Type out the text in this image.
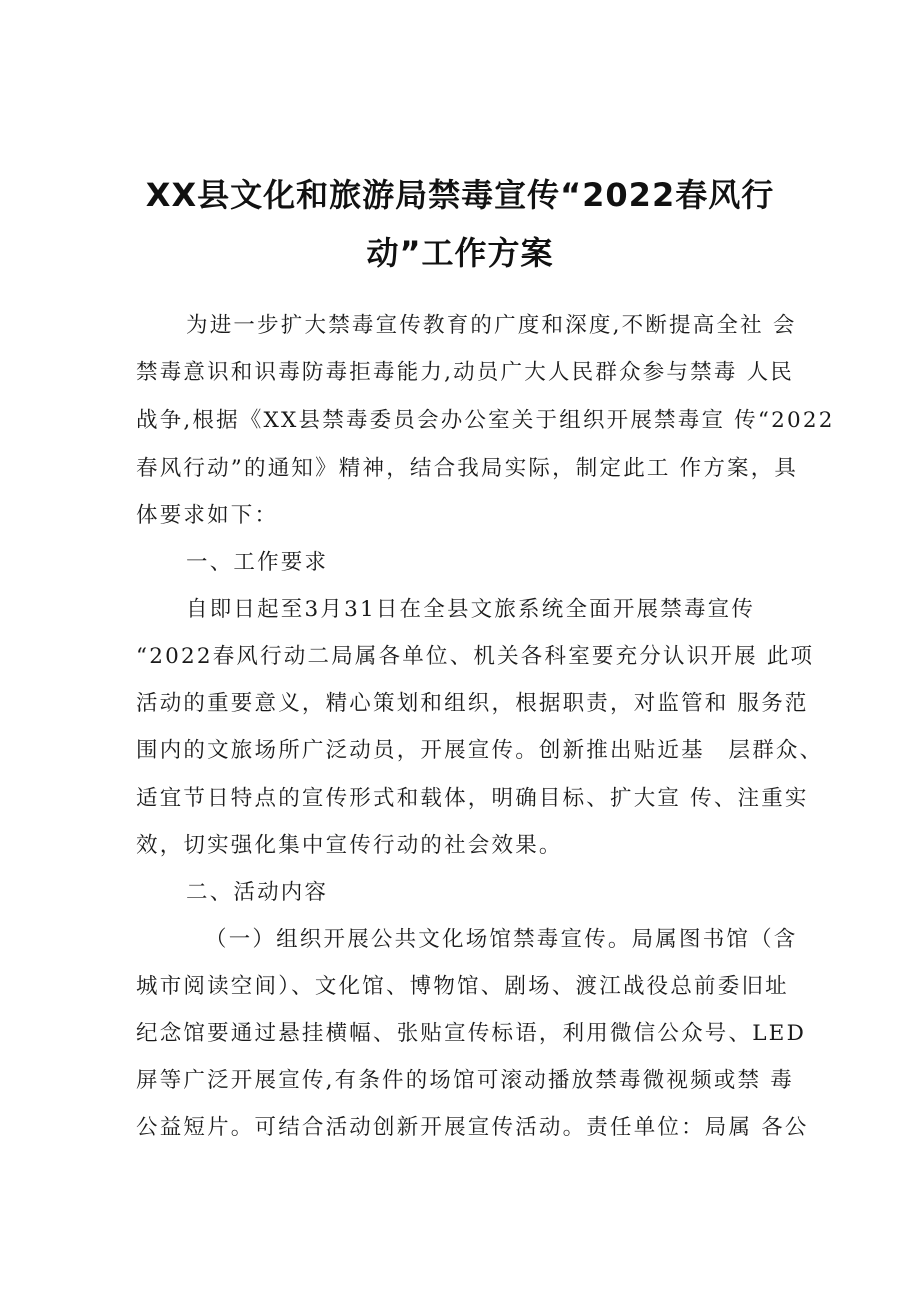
XX县文化和旅游局禁毒宣传“2022春风行
动”工作方案
为进一步扩大禁毒宣传教育的广度和深度,不断提高全社 会
禁毒意识和识毒防毒拒毒能力,动员广大人民群众参与禁毒 人民
战争,根据《XX县禁毒委员会办公室关于组织开展禁毒宣 传“2022
春风行动”的通知》精神，结合我局实际，制定此工 作方案，具
体要求如下：
一、工作要求
自即日起至3月31日在全县文旅系统全面开展禁毒宣传
“2022春风行动二局属各单位、机关各科室要充分认识开展 此项
活动的重要意义，精心策划和组织，根据职责，对监管和 服务范
围内的文旅场所广泛动员，开展宣传。创新推出贴近基　层群众、
适宜节日特点的宣传形式和载体，明确目标、扩大宣 传、注重实
效，切实强化集中宣传行动的社会效果。
二、活动内容
（一）组织开展公共文化场馆禁毒宣传。局属图书馆（含
城市阅读空间）、文化馆、博物馆、剧场、渡江战役总前委旧址
纪念馆要通过悬挂横幅、张贴宣传标语，利用微信公众号、LED
屏等广泛开展宣传,有条件的场馆可滚动播放禁毒微视频或禁 毒
公益短片。可结合活动创新开展宣传活动。责任单位：局属 各公
